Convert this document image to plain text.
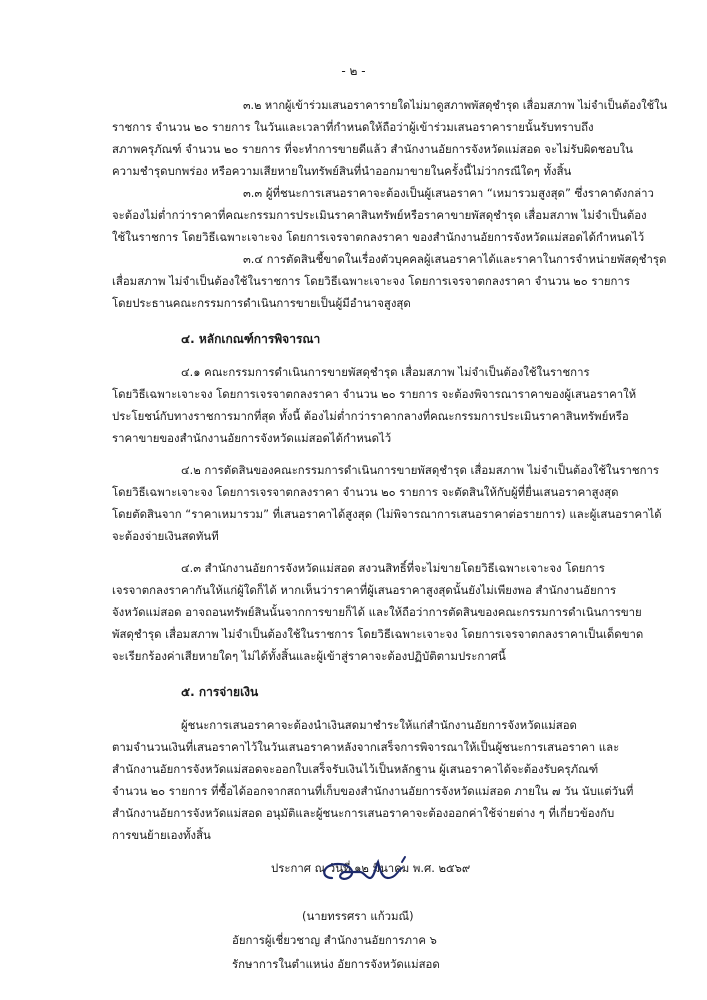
- ๒ -
๓.๒ หากผู้เข้าร่วมเสนอราคารายใดไม่มาดูสภาพพัสดุชำรุด เสื่อมสภาพ ไม่จำเป็นต้องใช้ใน
ราชการ จำนวน ๒๐ รายการ ในวันและเวลาที่กำหนดให้ถือว่าผู้เข้าร่วมเสนอราคารายนั้นรับทราบถึง
สภาพครุภัณฑ์ จำนวน ๒๐ รายการ ที่จะทำการขายดีแล้ว สำนักงานอัยการจังหวัดแม่สอด จะไม่รับผิดชอบใน
ความชำรุดบกพร่อง หรือความเสียหายในทรัพย์สินที่นำออกมาขายในครั้งนี้ไม่ว่ากรณีใดๆ ทั้งสิ้น
๓.๓ ผู้ที่ชนะการเสนอราคาจะต้องเป็นผู้เสนอราคา “เหมารวมสูงสุด” ซึ่งราคาดังกล่าว
จะต้องไม่ต่ำกว่าราคาที่คณะกรรมการประเมินราคาสินทรัพย์หรือราคาขายพัสดุชำรุด เสื่อมสภาพ ไม่จำเป็นต้อง
ใช้ในราชการ โดยวิธีเฉพาะเจาะจง โดยการเจรจาตกลงราคา ของสำนักงานอัยการจังหวัดแม่สอดได้กำหนดไว้
๓.๔ การตัดสินชี้ขาดในเรื่องตัวบุคคลผู้เสนอราคาได้และราคาในการจำหน่ายพัสดุชำรุด
เสื่อมสภาพ ไม่จำเป็นต้องใช้ในราชการ โดยวิธีเฉพาะเจาะจง โดยการเจรจาตกลงราคา จำนวน ๒๐ รายการ
โดยประธานคณะกรรมการดำเนินการขายเป็นผู้มีอำนาจสูงสุด
๔. หลักเกณฑ์การพิจารณา
๔.๑ คณะกรรมการดำเนินการขายพัสดุชำรุด เสื่อมสภาพ ไม่จำเป็นต้องใช้ในราชการ
โดยวิธีเฉพาะเจาะจง โดยการเจรจาตกลงราคา จำนวน ๒๐ รายการ จะต้องพิจารณาราคาของผู้เสนอราคาให้
ประโยชน์กับทางราชการมากที่สุด ทั้งนี้ ต้องไม่ต่ำกว่าราคากลางที่คณะกรรมการประเมินราคาสินทรัพย์หรือ
ราคาขายของสำนักงานอัยการจังหวัดแม่สอดได้กำหนดไว้
๔.๒ การตัดสินของคณะกรรมการดำเนินการขายพัสดุชำรุด เสื่อมสภาพ ไม่จำเป็นต้องใช้ในราชการ
โดยวิธีเฉพาะเจาะจง โดยการเจรจาตกลงราคา จำนวน ๒๐ รายการ จะตัดสินให้กับผู้ที่ยื่นเสนอราคาสูงสุด
โดยตัดสินจาก “ราคาเหมารวม” ที่เสนอราคาได้สูงสุด (ไม่พิจารณาการเสนอราคาต่อรายการ) และผู้เสนอราคาได้
จะต้องจ่ายเงินสดทันที
๔.๓ สำนักงานอัยการจังหวัดแม่สอด สงวนสิทธิ์ที่จะไม่ขายโดยวิธีเฉพาะเจาะจง โดยการ
เจรจาตกลงราคากันให้แก่ผู้ใดก็ได้ หากเห็นว่าราคาที่ผู้เสนอราคาสูงสุดนั้นยังไม่เพียงพอ สำนักงานอัยการ
จังหวัดแม่สอด อาจถอนทรัพย์สินนั้นจากการขายก็ได้ และให้ถือว่าการตัดสินของคณะกรรมการดำเนินการขาย
พัสดุชำรุด เสื่อมสภาพ ไม่จำเป็นต้องใช้ในราชการ โดยวิธีเฉพาะเจาะจง โดยการเจรจาตกลงราคาเป็นเด็ดขาด
จะเรียกร้องค่าเสียหายใดๆ ไม่ได้ทั้งสิ้นและผู้เข้าสู่ราคาจะต้องปฏิบัติตามประกาศนี้
๕. การจ่ายเงิน
ผู้ชนะการเสนอราคาจะต้องนำเงินสดมาชำระให้แก่สำนักงานอัยการจังหวัดแม่สอด
ตามจำนวนเงินที่เสนอราคาไว้ในวันเสนอราคาหลังจากเสร็จการพิจารณาให้เป็นผู้ชนะการเสนอราคา และ
สำนักงานอัยการจังหวัดแม่สอดจะออกใบเสร็จรับเงินไว้เป็นหลักฐาน ผู้เสนอราคาได้จะต้องรับครุภัณฑ์
จำนวน ๒๐ รายการ ที่ซื้อได้ออกจากสถานที่เก็บของสำนักงานอัยการจังหวัดแม่สอด ภายใน ๗ วัน นับแต่วันที่
สำนักงานอัยการจังหวัดแม่สอด อนุมัติและผู้ชนะการเสนอราคาจะต้องออกค่าใช้จ่ายต่าง ๆ ที่เกี่ยวข้องกับ
การขนย้ายเองทั้งสิ้น
ประกาศ ณ วันที่ ๑๒ มีนาคม พ.ศ. ๒๕๖๙
(นายทรรศรา แก้วมณี)
อัยการผู้เชี่ยวชาญ สำนักงานอัยการภาค ๖
รักษาการในตำแหน่ง อัยการจังหวัดแม่สอด
